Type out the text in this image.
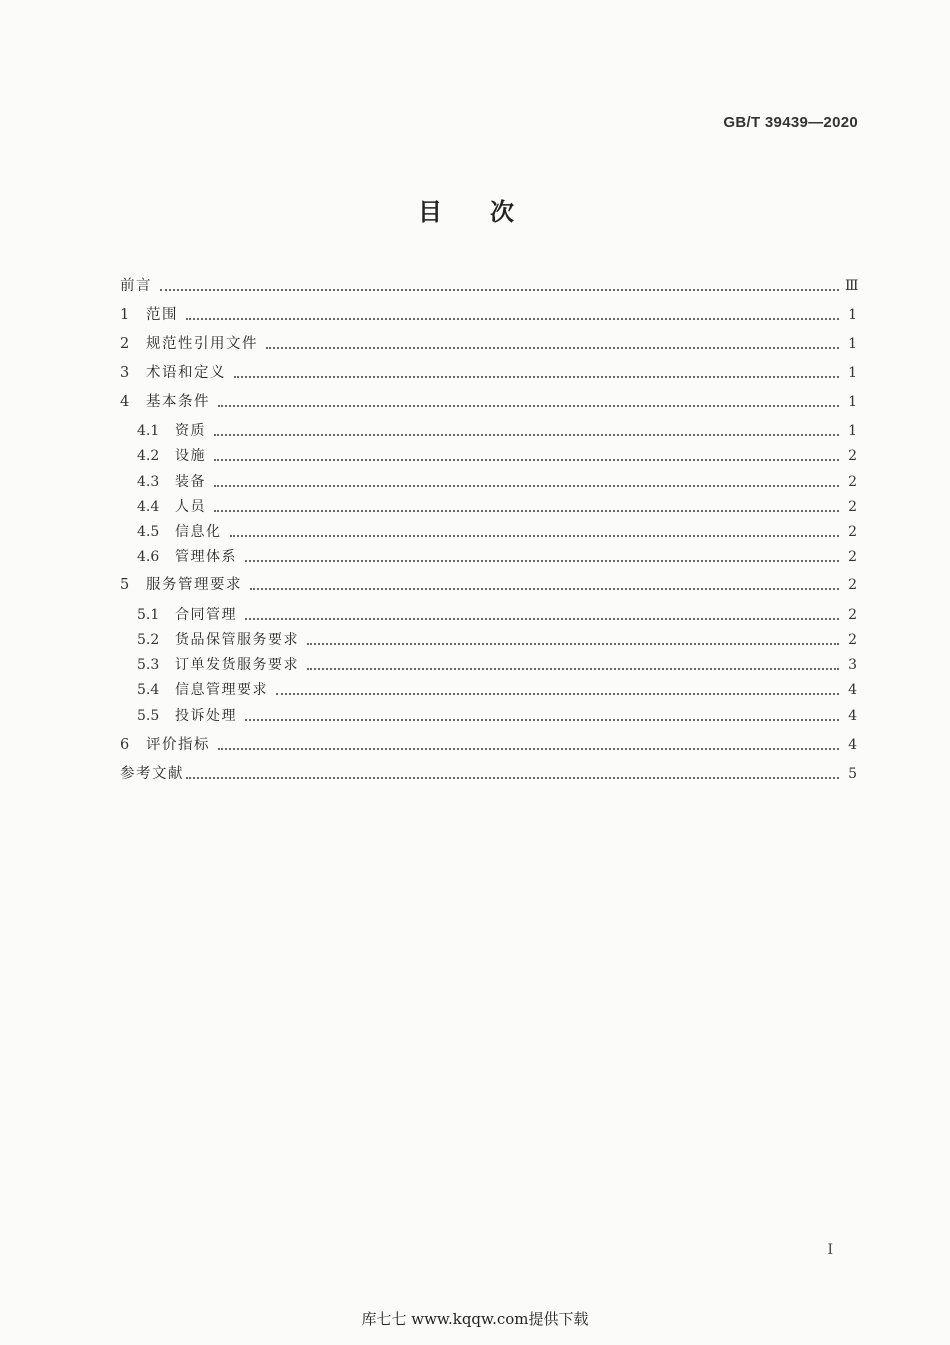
GB/T 39439—2020
目次
前言	Ⅲ
1	范围	1
2	规范性引用文件	1
3	术语和定义	1
4	基本条件	1
4.1	资质	1
4.2	设施	2
4.3	装备	2
4.4	人员	2
4.5	信息化	2
4.6	管理体系	2
5	服务管理要求	2
5.1	合同管理	2
5.2	货品保管服务要求	2
5.3	订单发货服务要求	3
5.4	信息管理要求	4
5.5	投诉处理	4
6	评价指标	4
参考文献	5
I
库七七 www.kqqw.com提供下载
